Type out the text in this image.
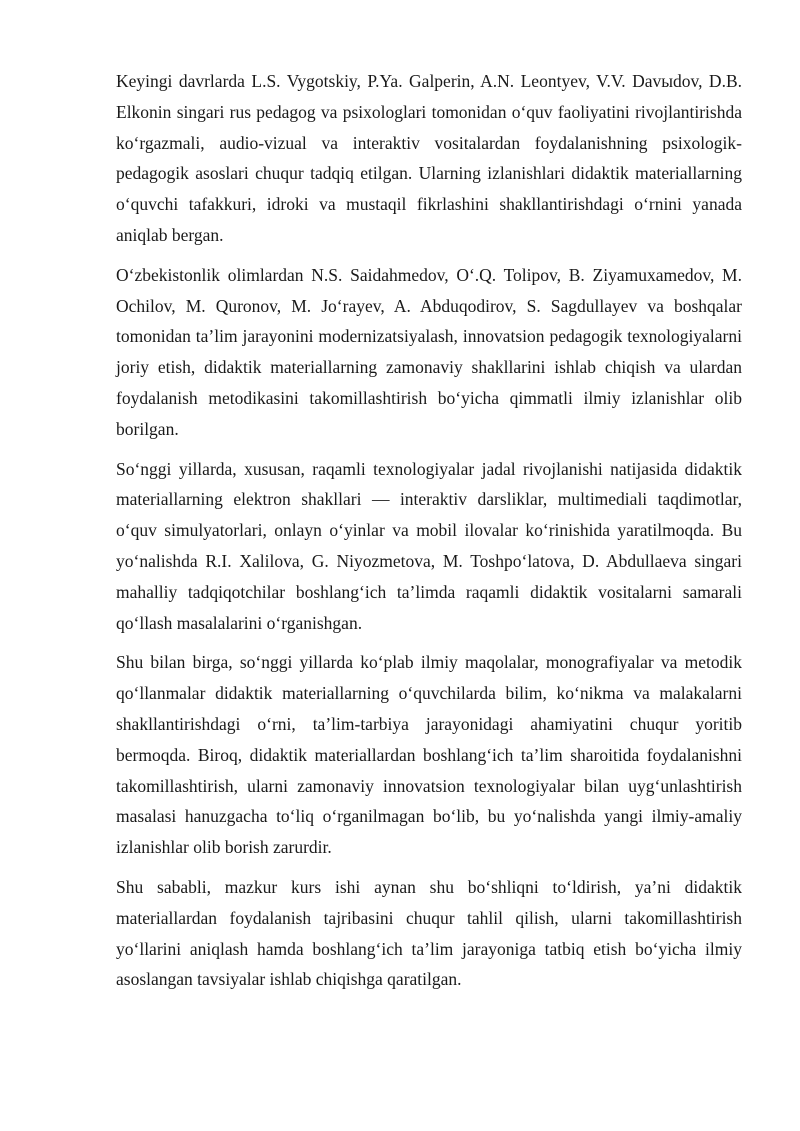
Keyingi davrlarda L.S. Vygotskiy, P.Ya. Galperin, A.N. Leontyev, V.V. Davыdov, D.B. Elkonin singari rus pedagog va psixologlari tomonidan o‘quv faoliyatini rivojlantirishda ko‘rgazmali, audio-vizual va interaktiv vositalardan foydalanishning psixologik-pedagogik asoslari chuqur tadqiq etilgan. Ularning izlanishlari didaktik materiallarning o‘quvchi tafakkuri, idroki va mustaqil fikrlashini shakllantirishdagi o‘rnini yanada aniqlab bergan.

O‘zbekistonlik olimlardan N.S. Saidahmedov, O‘.Q. Tolipov, B. Ziyamuxamedov, M. Ochilov, M. Quronov, M. Jo‘rayev, A. Abduqodirov, S. Sagdullayev va boshqalar tomonidan ta’lim jarayonini modernizatsiyalash, innovatsion pedagogik texnologiyalarni joriy etish, didaktik materiallarning zamonaviy shakllarini ishlab chiqish va ulardan foydalanish metodikasini takomillashtirish bo‘yicha qimmatli ilmiy izlanishlar olib borilgan.

So‘nggi yillarda, xususan, raqamli texnologiyalar jadal rivojlanishi natijasida didaktik materiallarning elektron shakllari — interaktiv darsliklar, multimediali taqdimotlar, o‘quv simulyatorlari, onlayn o‘yinlar va mobil ilovalar ko‘rinishida yaratilmoqda. Bu yo‘nalishda R.I. Xalilova, G. Niyozmetova, M. Toshpo‘latova, D. Abdullaeva singari mahalliy tadqiqotchilar boshlang‘ich ta’limda raqamli didaktik vositalarni samarali qo‘llash masalalarini o‘rganishgan.

Shu bilan birga, so‘nggi yillarda ko‘plab ilmiy maqolalar, monografiyalar va metodik qo‘llanmalar didaktik materiallarning o‘quvchilarda bilim, ko‘nikma va malakalarni shakllantirishdagi o‘rni, ta’lim-tarbiya jarayonidagi ahamiyatini chuqur yoritib bermoqda. Biroq, didaktik materiallardan boshlang‘ich ta’lim sharoitida foydalanishni takomillashtirish, ularni zamonaviy innovatsion texnologiyalar bilan uyg‘unlashtirish masalasi hanuzgacha to‘liq o‘rganilmagan bo‘lib, bu yo‘nalishda yangi ilmiy-amaliy izlanishlar olib borish zarurdir.

Shu sababli, mazkur kurs ishi aynan shu bo‘shliqni to‘ldirish, ya’ni didaktik materiallardan foydalanish tajribasini chuqur tahlil qilish, ularni takomillashtirish yo‘llarini aniqlash hamda boshlang‘ich ta’lim jarayoniga tatbiq etish bo‘yicha ilmiy asoslangan tavsiyalar ishlab chiqishga qaratilgan.
